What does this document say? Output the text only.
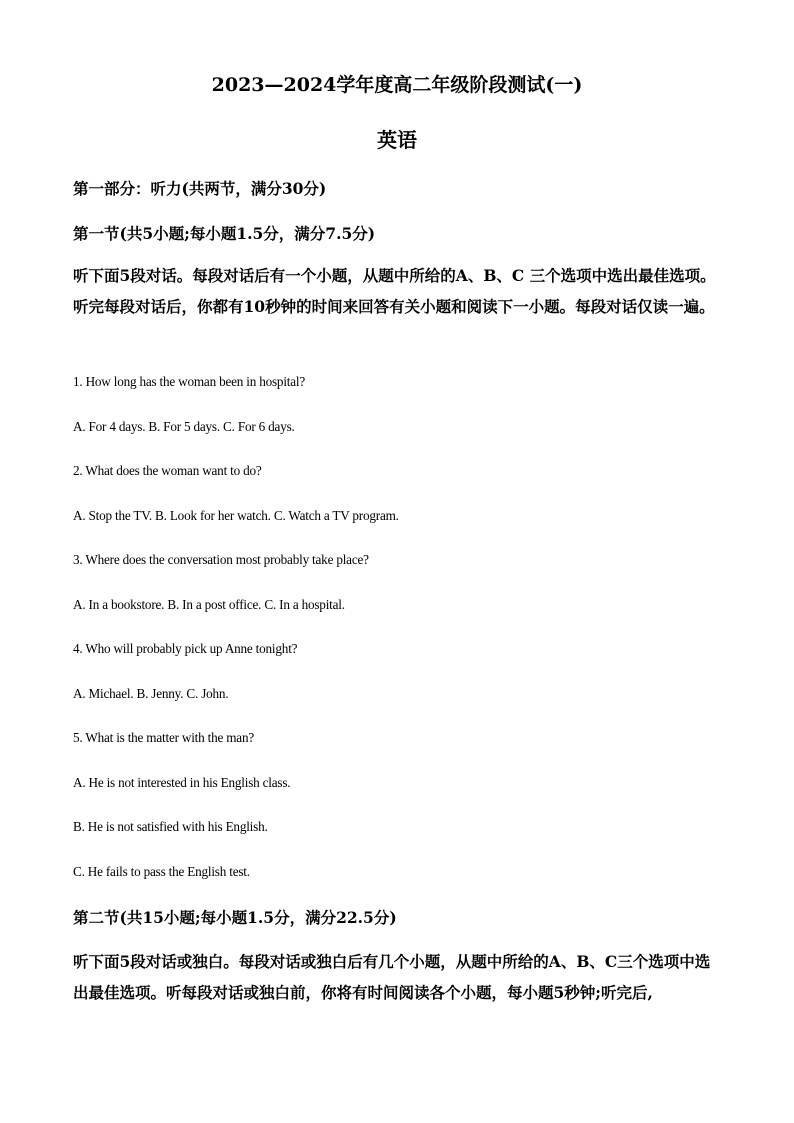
2023—2024学年度高二年级阶段测试(一)
英语
第一部分：听力(共两节，满分30分)
第一节(共5小题;每小题1.5分，满分7.5分)
听下面5段对话。每段对话后有一个小题，从题中所给的A、B、C 三个选项中选出最佳选项。听完每段对话后，你都有10秒钟的时间来回答有关小题和阅读下一小题。每段对话仅读一遍。
1. How long has the woman been in hospital?
A. For 4 days. B. For 5 days. C. For 6 days.
2. What does the woman want to do?
A. Stop the TV. B. Look for her watch. C. Watch a TV program.
3. Where does the conversation most probably take place?
A. In a bookstore. B. In a post office. C. In a hospital.
4. Who will probably pick up Anne tonight?
A. Michael. B. Jenny. C. John.
5. What is the matter with the man?
A. He is not interested in his English class.
B. He is not satisfied with his English.
C. He fails to pass the English test.
第二节(共15小题;每小题1.5分，满分22.5分)
听下面5段对话或独白。每段对话或独白后有几个小题，从题中所给的A、B、C三个选项中选出最佳选项。听每段对话或独白前，你将有时间阅读各个小题，每小题5秒钟;听完后,
